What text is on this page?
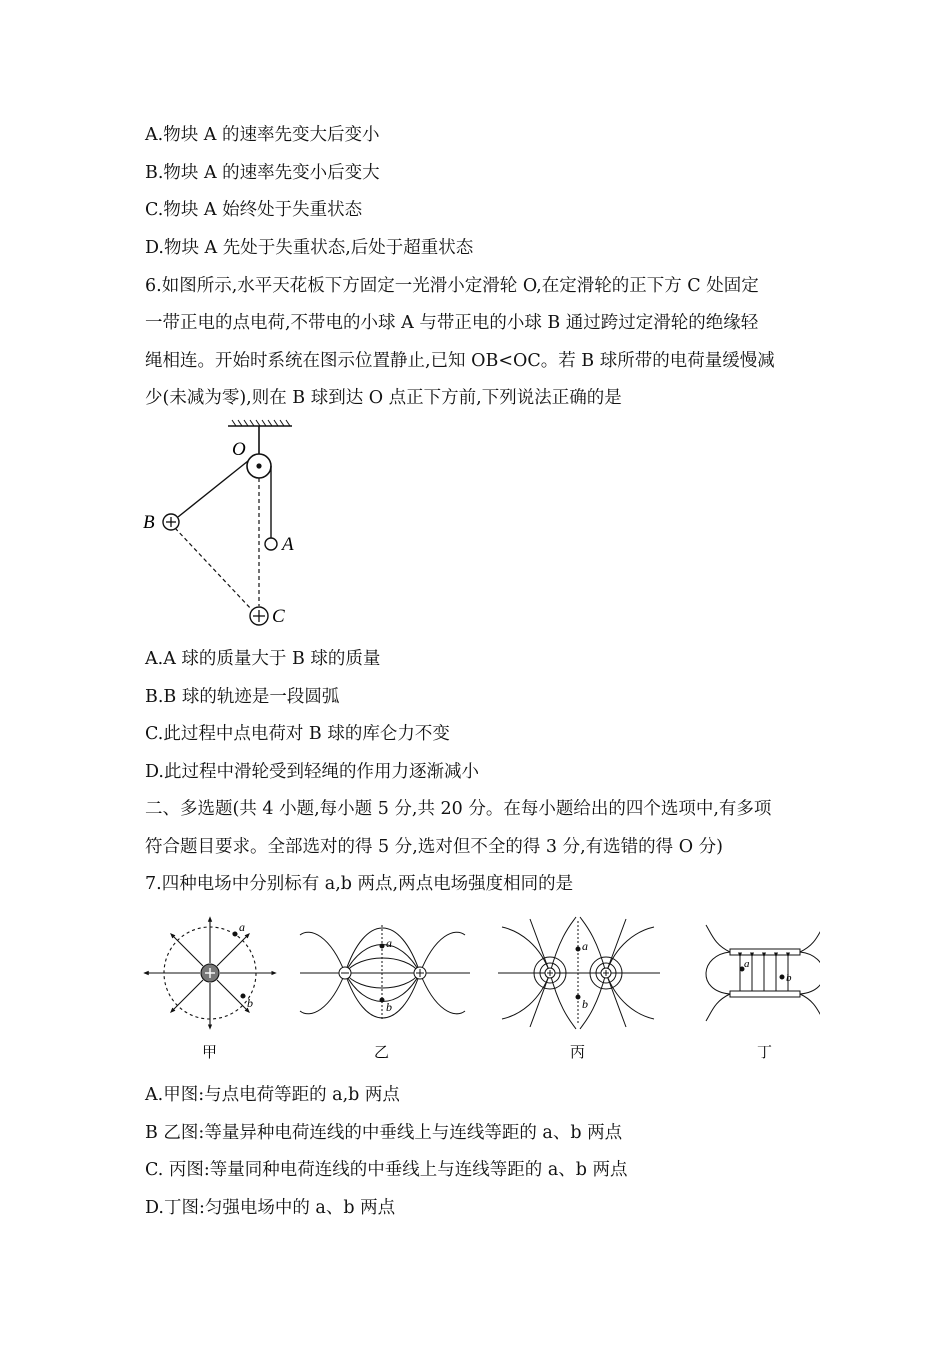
A.物块 A 的速率先变大后变小
B.物块 A 的速率先变小后变大
C.物块 A 始终处于失重状态
D.物块 A 先处于失重状态,后处于超重状态
6.如图所示,水平天花板下方固定一光滑小定滑轮 O,在定滑轮的正下方 C 处固定
一带正电的点电荷,不带电的小球 A 与带正电的小球 B 通过跨过定滑轮的绝缘轻
绳相连。开始时系统在图示位置静止,已知 OB<OC。若 B 球所带的电荷量缓慢减
少(未减为零),则在 B 球到达 O 点正下方前,下列说法正确的是
O
B
A
C
A.A 球的质量大于 B 球的质量
B.B 球的轨迹是一段圆弧
C.此过程中点电荷对 B 球的库仑力不变
D.此过程中滑轮受到轻绳的作用力逐渐减小
二、多选题(共 4 小题,每小题 5 分,共 20 分。在每小题给出的四个选项中,有多项
符合题目要求。全部选对的得 5 分,选对但不全的得 3 分,有选错的得 O 分)
7.四种电场中分别标有 a,b 两点,两点电场强度相同的是
a
b
甲
a
b
乙
a
b
丙
a
b
丁
A.甲图:与点电荷等距的 a,b 两点
B 乙图:等量异种电荷连线的中垂线上与连线等距的 a、b 两点
C. 丙图:等量同种电荷连线的中垂线上与连线等距的 a、b 两点
D.丁图:匀强电场中的 a、b 两点
